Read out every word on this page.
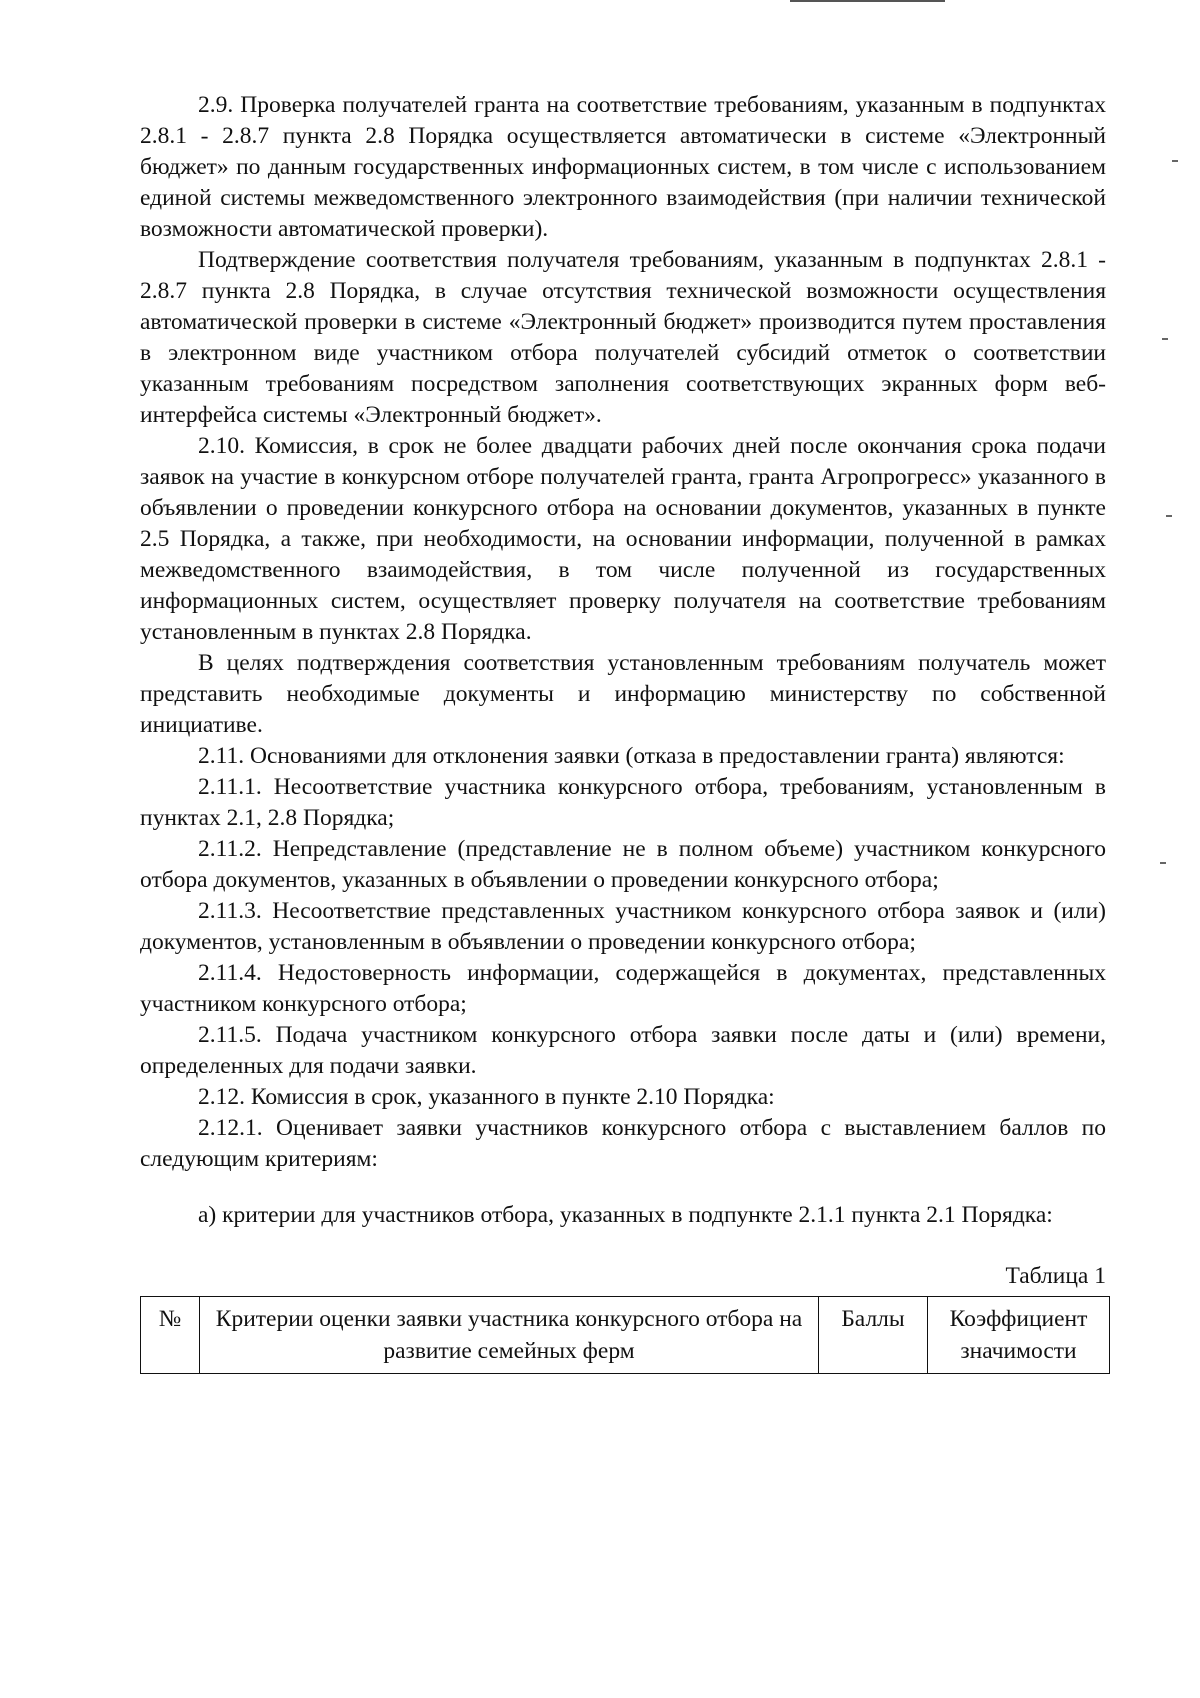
2.9. Проверка получателей гранта на соответствие требованиям, указанным в подпунктах 2.8.1 - 2.8.7 пункта 2.8 Порядка осуществляется автоматически в системе «Электронный бюджет» по данным государственных информационных систем, в том числе с использованием единой системы межведомственного электронного взаимодействия (при наличии технической возможности автоматической проверки).

Подтверждение соответствия получателя требованиям, указанным в подпунктах 2.8.1 - 2.8.7 пункта 2.8 Порядка, в случае отсутствия технической возможности осуществления автоматической проверки в системе «Электронный бюджет» производится путем проставления в электронном виде участником отбора получателей субсидий отметок о соответствии указанным требованиям посредством заполнения соответствующих экранных форм веб-интерфейса системы «Электронный бюджет».

2.10. Комиссия, в срок не более двадцати рабочих дней после окончания срока подачи заявок на участие в конкурсном отборе получателей гранта, гранта Агропрогресс» указанного в объявлении о проведении конкурсного отбора на основании документов, указанных в пункте 2.5 Порядка, а также, при необходимости, на основании информации, полученной в рамках межведомственного взаимодействия, в том числе полученной из государственных информационных систем, осуществляет проверку получателя на соответствие требованиям установленным в пунктах 2.8 Порядка.

В целях подтверждения соответствия установленным требованиям получатель может представить необходимые документы и информацию министерству по собственной инициативе.

2.11. Основаниями для отклонения заявки (отказа в предоставлении гранта) являются:

2.11.1. Несоответствие участника конкурсного отбора, требованиям, установленным в пунктах 2.1, 2.8 Порядка;

2.11.2. Непредставление (представление не в полном объеме) участником конкурсного отбора документов, указанных в объявлении о проведении конкурсного отбора;

2.11.3. Несоответствие представленных участником конкурсного отбора заявок и (или) документов, установленным в объявлении о проведении конкурсного отбора;

2.11.4. Недостоверность информации, содержащейся в документах, представленных участником конкурсного отбора;

2.11.5. Подача участником конкурсного отбора заявки после даты и (или) времени, определенных для подачи заявки.

2.12. Комиссия в срок, указанного в пункте 2.10 Порядка:

2.12.1. Оценивает заявки участников конкурсного отбора с выставлением баллов по следующим критериям:

а) критерии для участников отбора, указанных в подпункте 2.1.1 пункта 2.1 Порядка:

Таблица 1
№	Критерии оценки заявки участника конкурсного отбора на развитие семейных ферм	Баллы	Коэффициент значимости
